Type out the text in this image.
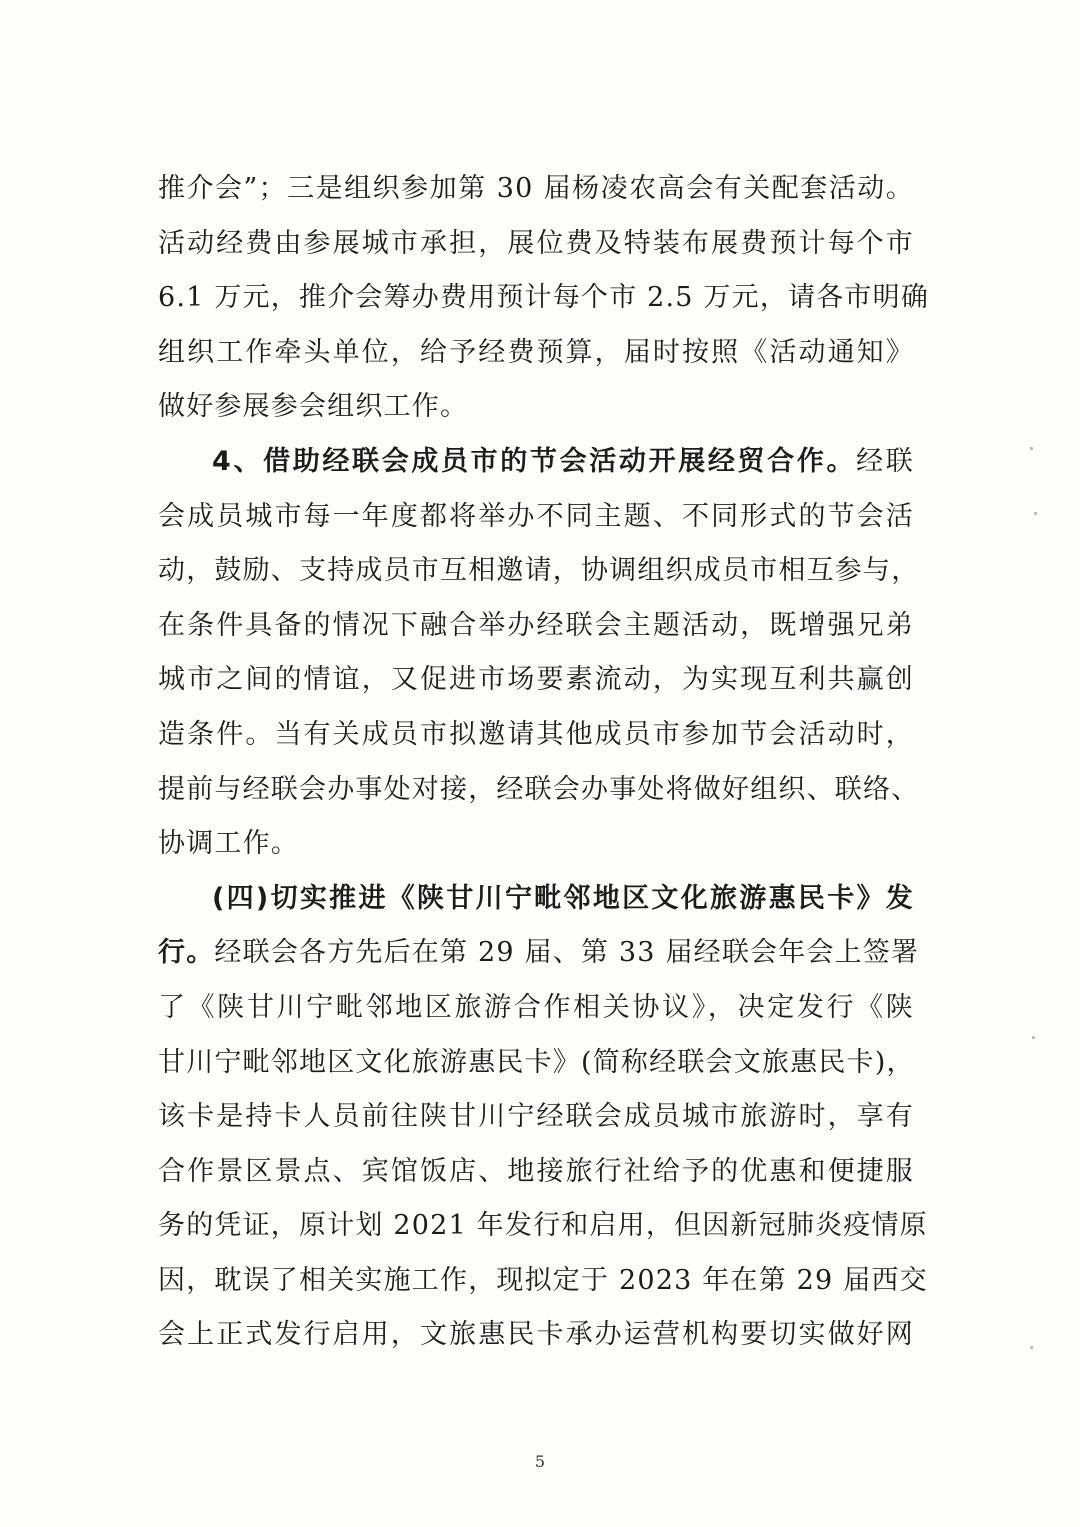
推介会”；三是组织参加第 30 届杨凌农高会有关配套活动。
活动经费由参展城市承担，展位费及特装布展费预计每个市
6.1 万元，推介会筹办费用预计每个市 2.5 万元，请各市明确
组织工作牵头单位，给予经费预算，届时按照《活动通知》
做好参展参会组织工作。
4、借助经联会成员市的节会活动开展经贸合作。经联
会成员城市每一年度都将举办不同主题、不同形式的节会活
动，鼓励、支持成员市互相邀请，协调组织成员市相互参与，
在条件具备的情况下融合举办经联会主题活动，既增强兄弟
城市之间的情谊，又促进市场要素流动，为实现互利共赢创
造条件。当有关成员市拟邀请其他成员市参加节会活动时，
提前与经联会办事处对接，经联会办事处将做好组织、联络、
协调工作。
(四)切实推进《陕甘川宁毗邻地区文化旅游惠民卡》发
行。经联会各方先后在第 29 届、第 33 届经联会年会上签署
了《陕甘川宁毗邻地区旅游合作相关协议》，决定发行《陕
甘川宁毗邻地区文化旅游惠民卡》(简称经联会文旅惠民卡)，
该卡是持卡人员前往陕甘川宁经联会成员城市旅游时，享有
合作景区景点、宾馆饭店、地接旅行社给予的优惠和便捷服
务的凭证，原计划 2021 年发行和启用，但因新冠肺炎疫情原
因，耽误了相关实施工作，现拟定于 2023 年在第 29 届西交
会上正式发行启用，文旅惠民卡承办运营机构要切实做好网
5
